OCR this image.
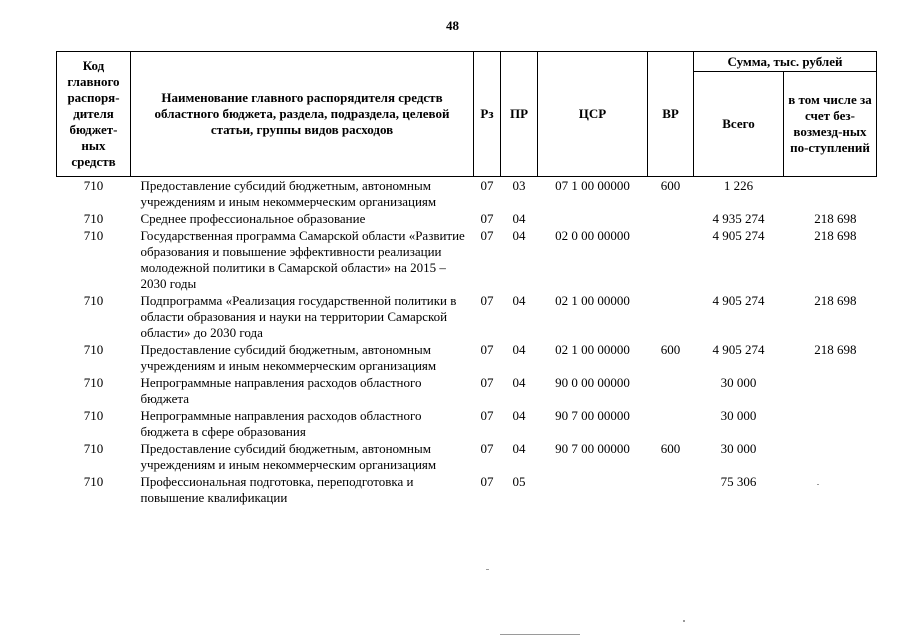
48
Код главного распоря-дителя бюджет-ных средств	Наименование главного распорядителя средств областного бюджета, раздела, подраздела, целевой статьи, группы видов расходов	Рз	ПР	ЦСР	ВР	Сумма, тыс. рублей	
						Всего	в том числе за счет без-возмезд-ных по-ступлений
710	Предоставление субсидий бюджетным, автономным учреждениям и иным некоммерческим организациям	07	03	07 1 00 00000	600	1 226	
710	Среднее профессиональное образование	07	04			4 935 274	218 698
710	Государственная программа Самарской области «Развитие образования и повышение эффективности реализации молодежной политики в Самарской области» на 2015 – 2030 годы	07	04	02 0 00 00000		4 905 274	218 698
710	Подпрограмма «Реализация государственной политики в области образования и науки на территории Самарской области» до 2030 года	07	04	02 1 00 00000		4 905 274	218 698
710	Предоставление субсидий бюджетным, автономным учреждениям и иным некоммерческим организациям	07	04	02 1 00 00000	600	4 905 274	218 698
710	Непрограммные направления расходов областного бюджета	07	04	90 0 00 00000		30 000	
710	Непрограммные направления расходов областного бюджета в сфере образования	07	04	90 7 00 00000		30 000	
710	Предоставление субсидий бюджетным, автономным учреждениям и иным некоммерческим организациям	07	04	90 7 00 00000	600	30 000	
710	Профессиональная подготовка, переподготовка и повышение квалификации	07	05			75 306	
